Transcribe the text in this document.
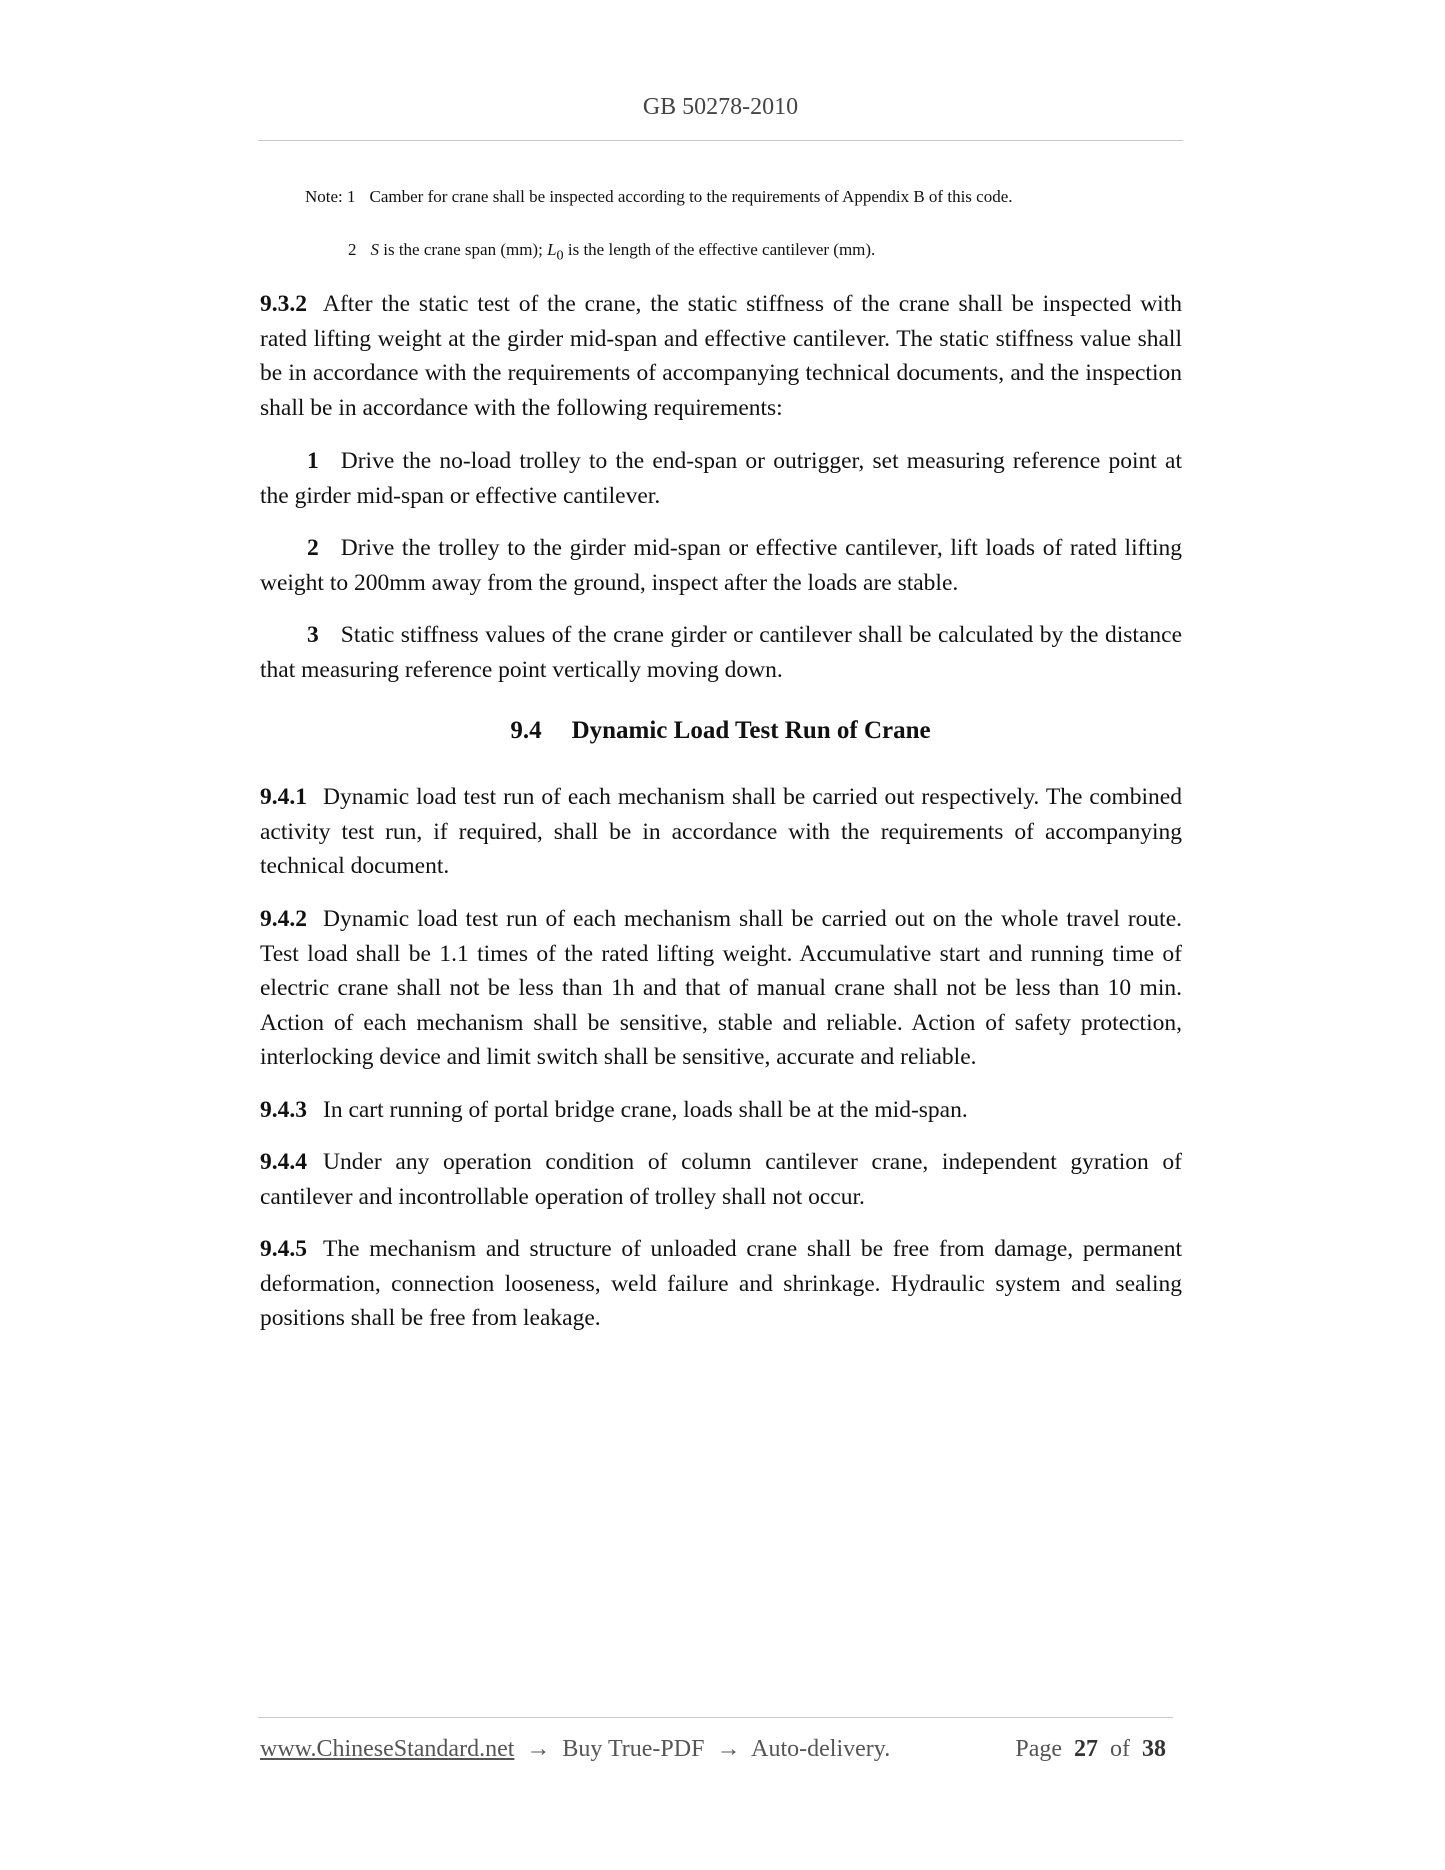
GB 50278-2010
Note: 1 Camber for crane shall be inspected according to the requirements of Appendix B of this code.
2 S is the crane span (mm); $L_0$ is the length of the effective cantilever (mm).

9.3.2 After the static test of the crane, the static stiffness of the crane shall be inspected with rated lifting weight at the girder mid-span and effective cantilever. The static stiffness value shall be in accordance with the requirements of accompanying technical documents, and the inspection shall be in accordance with the following requirements:

1 Drive the no-load trolley to the end-span or outrigger, set measuring reference point at the girder mid-span or effective cantilever.

2 Drive the trolley to the girder mid-span or effective cantilever, lift loads of rated lifting weight to 200mm away from the ground, inspect after the loads are stable.

3 Static stiffness values of the crane girder or cantilever shall be calculated by the distance that measuring reference point vertically moving down.

9.4 Dynamic Load Test Run of Crane

9.4.1 Dynamic load test run of each mechanism shall be carried out respectively. The combined activity test run, if required, shall be in accordance with the requirements of accompanying technical document.

9.4.2 Dynamic load test run of each mechanism shall be carried out on the whole travel route. Test load shall be 1.1 times of the rated lifting weight. Accumulative start and running time of electric crane shall not be less than 1h and that of manual crane shall not be less than 10 min. Action of each mechanism shall be sensitive, stable and reliable. Action of safety protection, interlocking device and limit switch shall be sensitive, accurate and reliable.

9.4.3 In cart running of portal bridge crane, loads shall be at the mid-span.

9.4.4 Under any operation condition of column cantilever crane, independent gyration of cantilever and incontrollable operation of trolley shall not occur.

9.4.5 The mechanism and structure of unloaded crane shall be free from damage, permanent deformation, connection looseness, weld failure and shrinkage. Hydraulic system and sealing positions shall be free from leakage.

www.ChineseStandard.net → Buy True-PDF → Auto-delivery.	Page 27 of 38
